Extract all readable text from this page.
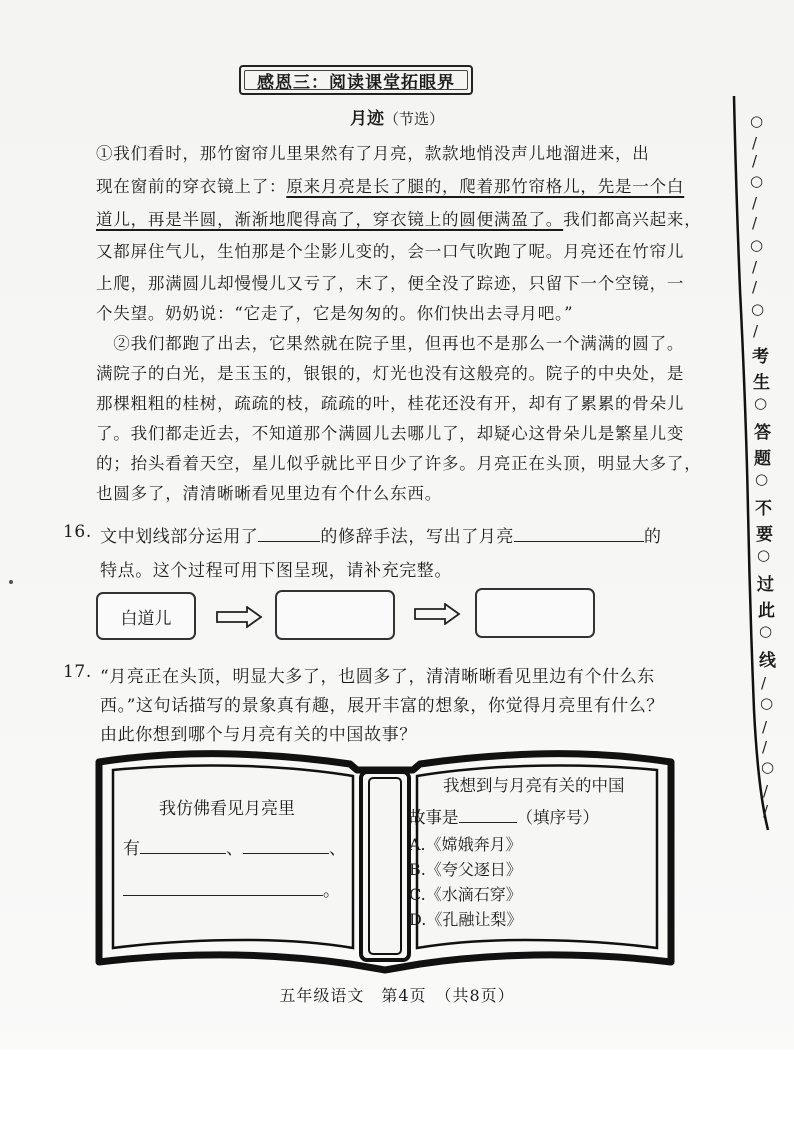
感恩三：阅读课堂拓眼界
月迹（节选）
①我们看时，那竹窗帘儿里果然有了月亮，款款地悄没声儿地溜进来，出
现在窗前的穿衣镜上了：原来月亮是长了腿的，爬着那竹帘格儿，先是一个白
道儿，再是半圆，渐渐地爬得高了，穿衣镜上的圆便满盈了。我们都高兴起来，
又都屏住气儿，生怕那是个尘影儿变的，会一口气吹跑了呢。月亮还在竹帘儿
上爬，那满圆儿却慢慢儿又亏了，末了，便全没了踪迹，只留下一个空镜，一
个失望。奶奶说：“它走了，它是匆匆的。你们快出去寻月吧。”
　②我们都跑了出去，它果然就在院子里，但再也不是那么一个满满的圆了。
满院子的白光，是玉玉的，银银的，灯光也没有这般亮的。院子的中央处，是
那棵粗粗的桂树，疏疏的枝，疏疏的叶，桂花还没有开，却有了累累的骨朵儿
了。我们都走近去，不知道那个满圆儿去哪儿了，却疑心这骨朵儿是繁星儿变
的；抬头看着天空，星儿似乎就比平日少了许多。月亮正在头顶，明显大多了，
也圆多了，清清晰晰看见里边有个什么东西。
16. 文中划线部分运用了	的修辞手法，写出了月亮	的
特点。这个过程可用下图呈现，请补充完整。
白道儿
17. “月亮正在头顶，明显大多了，也圆多了，清清晰晰看见里边有个什么东
西。”这句话描写的景象真有趣，展开丰富的想象，你觉得月亮里有什么？
由此你想到哪个与月亮有关的中国故事？
我仿佛看见月亮里
有	、	、
。
我想到与月亮有关的中国
故事是	（填序号）
A.《嫦娥奔月》
B.《夸父逐日》
C.《水滴石穿》
D.《孔融让梨》
五年级语文　第4页　（共8页）
○
/
/
○
/
/
○
/
/
○
/
考
生
○
答
题
○
不
要
○
过
此
○
线
/
○
/
/
○
/
/
